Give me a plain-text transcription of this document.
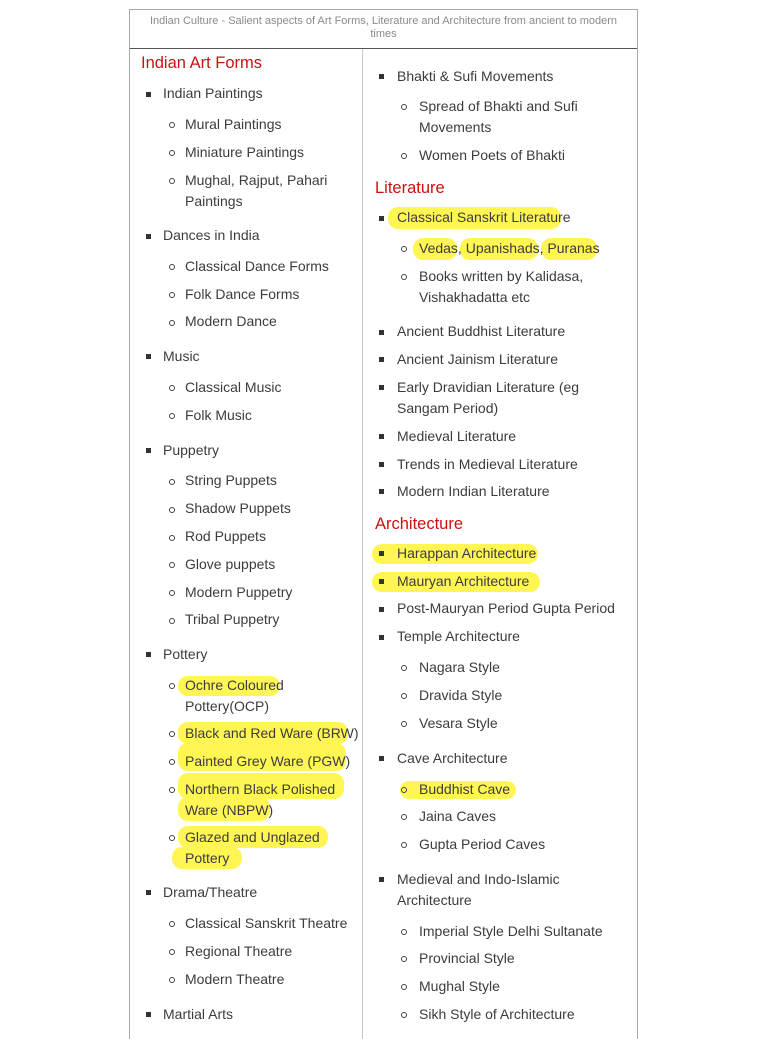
Indian Culture - Salient aspects of Art Forms, Literature and Architecture from ancient to modern times
Indian Art Forms
Indian Paintings
Mural Paintings
Miniature Paintings
Mughal, Rajput, Pahari Paintings
Dances in India
Classical Dance Forms
Folk Dance Forms
Modern Dance
Music
Classical Music
Folk Music
Puppetry
String Puppets
Shadow Puppets
Rod Puppets
Glove puppets
Modern Puppetry
Tribal Puppetry
Pottery
Ochre Coloured Pottery(OCP)
Black and Red Ware (BRW)
Painted Grey Ware (PGW)
Northern Black Polished Ware (NBPW)
Glazed and Unglazed Pottery
Drama/Theatre
Classical Sanskrit Theatre
Regional Theatre
Modern Theatre
Martial Arts
Bhakti & Sufi Movements
Spread of Bhakti and Sufi Movements
Women Poets of Bhakti
Literature
Classical Sanskrit Literature
Vedas, Upanishads, Puranas
Books written by Kalidasa, Vishakhadatta etc
Ancient Buddhist Literature
Ancient Jainism Literature
Early Dravidian Literature (eg Sangam Period)
Medieval Literature
Trends in Medieval Literature
Modern Indian Literature
Architecture
Harappan Architecture
Mauryan Architecture
Post-Mauryan Period Gupta Period
Temple Architecture
Nagara Style
Dravida Style
Vesara Style
Cave Architecture
Buddhist Cave
Jaina Caves
Gupta Period Caves
Medieval and Indo-Islamic Architecture
Imperial Style Delhi Sultanate
Provincial Style
Mughal Style
Sikh Style of Architecture
